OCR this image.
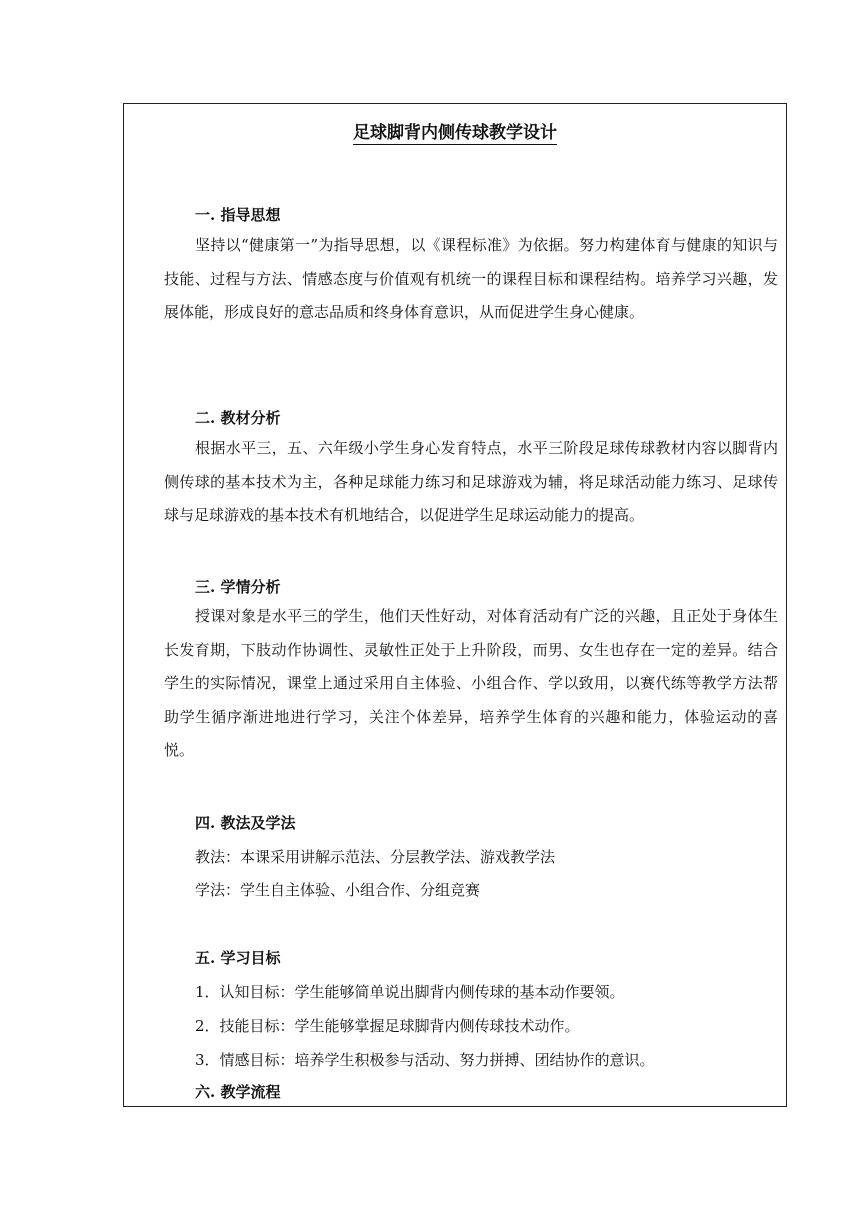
足球脚背内侧传球教学设计
一. 指导思想
坚持以“健康第一”为指导思想，以《课程标准》为依据。努力构建体育与健康的知识与技能、过程与方法、情感态度与价值观有机统一的课程目标和课程结构。培养学习兴趣，发展体能，形成良好的意志品质和终身体育意识，从而促进学生身心健康。
二. 教材分析
根据水平三，五、六年级小学生身心发育特点，水平三阶段足球传球教材内容以脚背内侧传球的基本技术为主，各种足球能力练习和足球游戏为辅，将足球活动能力练习、足球传球与足球游戏的基本技术有机地结合，以促进学生足球运动能力的提高。
三. 学情分析
授课对象是水平三的学生，他们天性好动，对体育活动有广泛的兴趣，且正处于身体生长发育期，下肢动作协调性、灵敏性正处于上升阶段，而男、女生也存在一定的差异。结合学生的实际情况，课堂上通过采用自主体验、小组合作、学以致用，以赛代练等教学方法帮助学生循序渐进地进行学习，关注个体差异，培养学生体育的兴趣和能力，体验运动的喜悦。
四. 教法及学法
教法：本课采用讲解示范法、分层教学法、游戏教学法
学法：学生自主体验、小组合作、分组竞赛
五. 学习目标
1．认知目标：学生能够简单说出脚背内侧传球的基本动作要领。
2．技能目标：学生能够掌握足球脚背内侧传球技术动作。
3．情感目标：培养学生积极参与活动、努力拼搏、团结协作的意识。
六. 教学流程
